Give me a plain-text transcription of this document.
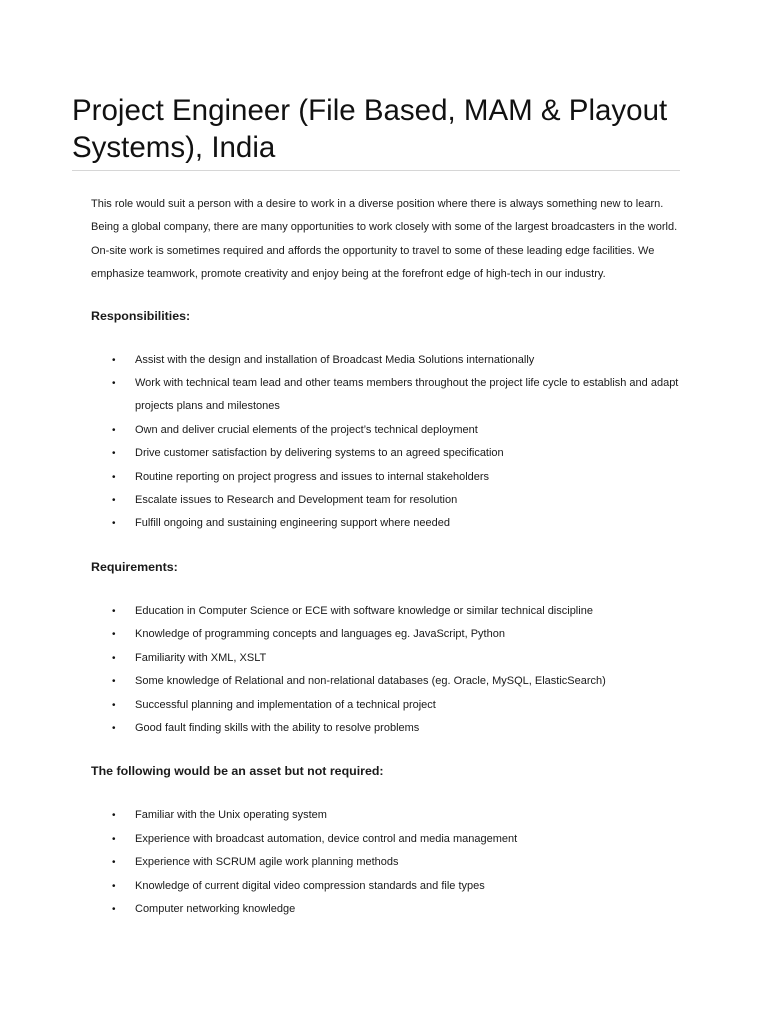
Project Engineer (File Based, MAM & Playout Systems), India

This role would suit a person with a desire to work in a diverse position where there is always something new to learn. Being a global company, there are many opportunities to work closely with some of the largest broadcasters in the world. On-site work is sometimes required and affords the opportunity to travel to some of these leading edge facilities. We emphasize teamwork, promote creativity and enjoy being at the forefront edge of high-tech in our industry.

Responsibilities:
• Assist with the design and installation of Broadcast Media Solutions internationally
• Work with technical team lead and other teams members throughout the project life cycle to establish and adapt projects plans and milestones
• Own and deliver crucial elements of the project’s technical deployment
• Drive customer satisfaction by delivering systems to an agreed specification
• Routine reporting on project progress and issues to internal stakeholders
• Escalate issues to Research and Development team for resolution
• Fulfill ongoing and sustaining engineering support where needed
Requirements:
• Education in Computer Science or ECE with software knowledge or similar technical discipline
• Knowledge of programming concepts and languages eg. JavaScript, Python
• Familiarity with XML, XSLT
• Some knowledge of Relational and non-relational databases (eg. Oracle, MySQL, ElasticSearch)
• Successful planning and implementation of a technical project
• Good fault finding skills with the ability to resolve problems
The following would be an asset but not required:
• Familiar with the Unix operating system
• Experience with broadcast automation, device control and media management
• Experience with SCRUM agile work planning methods
• Knowledge of current digital video compression standards and file types
• Computer networking knowledge
